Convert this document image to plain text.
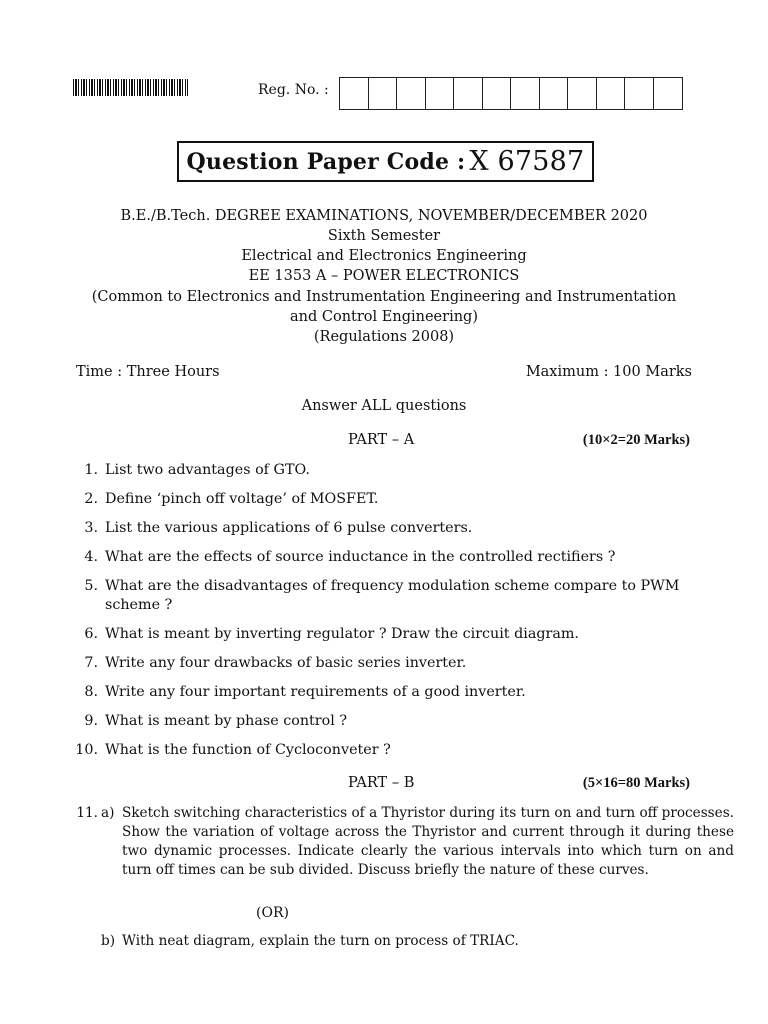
Reg. No. :
Question Paper Code : X 67587
B.E./B.Tech. DEGREE EXAMINATIONS, NOVEMBER/DECEMBER 2020
Sixth Semester
Electrical and Electronics Engineering
EE 1353 A – POWER ELECTRONICS
(Common to Electronics and Instrumentation Engineering and Instrumentation
and Control Engineering)
(Regulations 2008)
Time : Three Hours	Maximum : 100 Marks
Answer ALL questions
PART – A	(10×2=20 Marks)
1. List two advantages of GTO.
2. Define ‘pinch off voltage’ of MOSFET.
3. List the various applications of 6 pulse converters.
4. What are the effects of source inductance in the controlled rectifiers ?
5. What are the disadvantages of frequency modulation scheme compare to PWM scheme ?
6. What is meant by inverting regulator ? Draw the circuit diagram.
7. Write any four drawbacks of basic series inverter.
8. Write any four important requirements of a good inverter.
9. What is meant by phase control ?
10. What is the function of Cycloconveter ?
PART – B	(5×16=80 Marks)
11. a) Sketch switching characteristics of a Thyristor during its turn on and turn off processes. Show the variation of voltage across the Thyristor and current through it during these two dynamic processes. Indicate clearly the various intervals into which turn on and turn off times can be sub divided. Discuss briefly the nature of these curves.
(OR)
b) With neat diagram, explain the turn on process of TRIAC.
